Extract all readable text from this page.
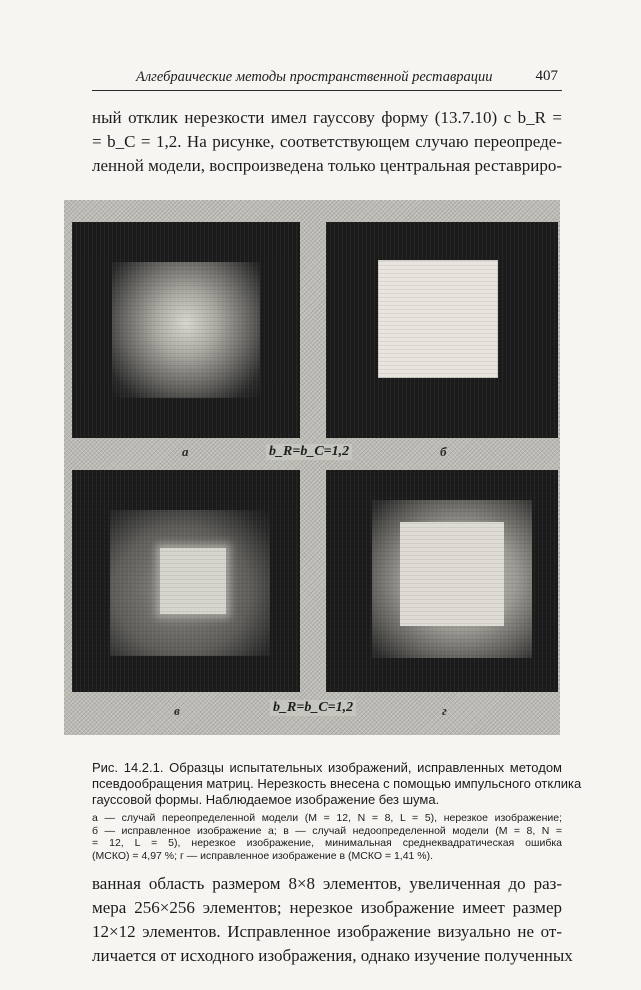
Алгебраические методы пространственной реставрации	407
ный отклик нерезкости имел гауссову форму (13.7.10) с b_R =
= b_C = 1,2. На рисунке, соответствующем случаю переопреде-
ленной модели, воспроизведена только центральная реставриро-
a	б
в	г
b_R=b_C=1,2
b_R=b_C=1,2
Рис. 14.2.1. Образцы испытательных изображений, исправленных методом
псевдообращения матриц. Нерезкость внесена с помощью импульсного отклика
гауссовой формы. Наблюдаемое изображение без шума.
а — случай переопределенной модели (M = 12, N = 8, L = 5), нерезкое изображение;
б — исправленное изображение а; в — случай недоопределенной модели (M = 8, N =
= 12, L = 5), нерезкое изображение, минимальная среднеквадратическая ошибка
(МСКО) = 4,97 %; г — исправленное изображение в (МСКО = 1,41 %).
ванная область размером 8×8 элементов, увеличенная до раз-
мера 256×256 элементов; нерезкое изображение имеет размер
12×12 элементов. Исправленное изображение визуально не от-
личается от исходного изображения, однако изучение полученных
